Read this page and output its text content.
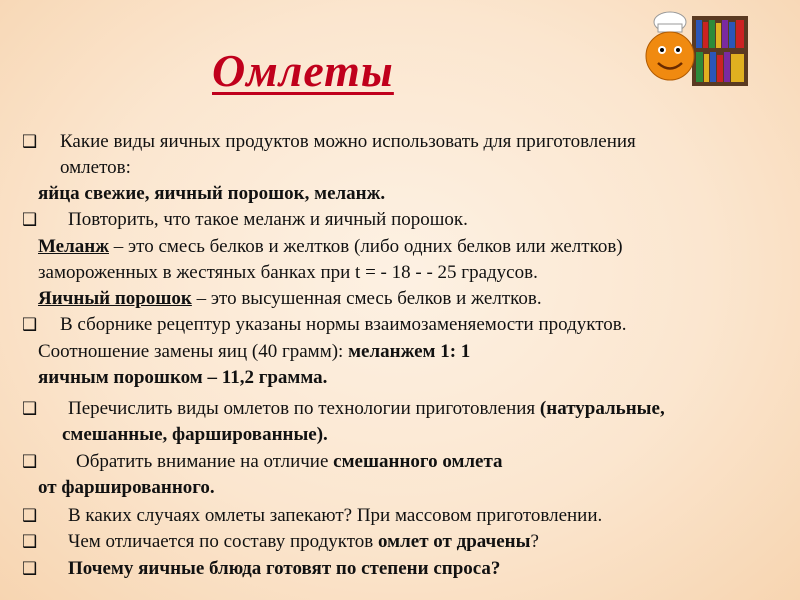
Омлеты
❑
❑
❑
❑
❑
❑
❑
❑
Какие виды яичных продуктов можно использовать для приготовления
омлетов:
яйца свежие, яичный порошок, меланж.
Повторить, что такое меланж и яичный порошок.
Меланж – это смесь белков и желтков (либо одних белков или желтков)
замороженных в жестяных банках при t = - 18 - - 25 градусов.
Яичный порошок – это высушенная смесь белков и желтков.
В сборнике рецептур указаны нормы взаимозаменяемости продуктов.
Соотношение замены яиц (40 грамм): меланжем 1: 1
яичным порошком – 11,2 грамма.
Перечислить виды омлетов по технологии приготовления (натуральные,
смешанные, фаршированные).
Обратить внимание на отличие смешанного омлета
от фаршированного.
В каких случаях омлеты запекают? При массовом приготовлении.
Чем отличается по составу продуктов омлет от драчены?
Почему яичные блюда готовят по степени спроса?
